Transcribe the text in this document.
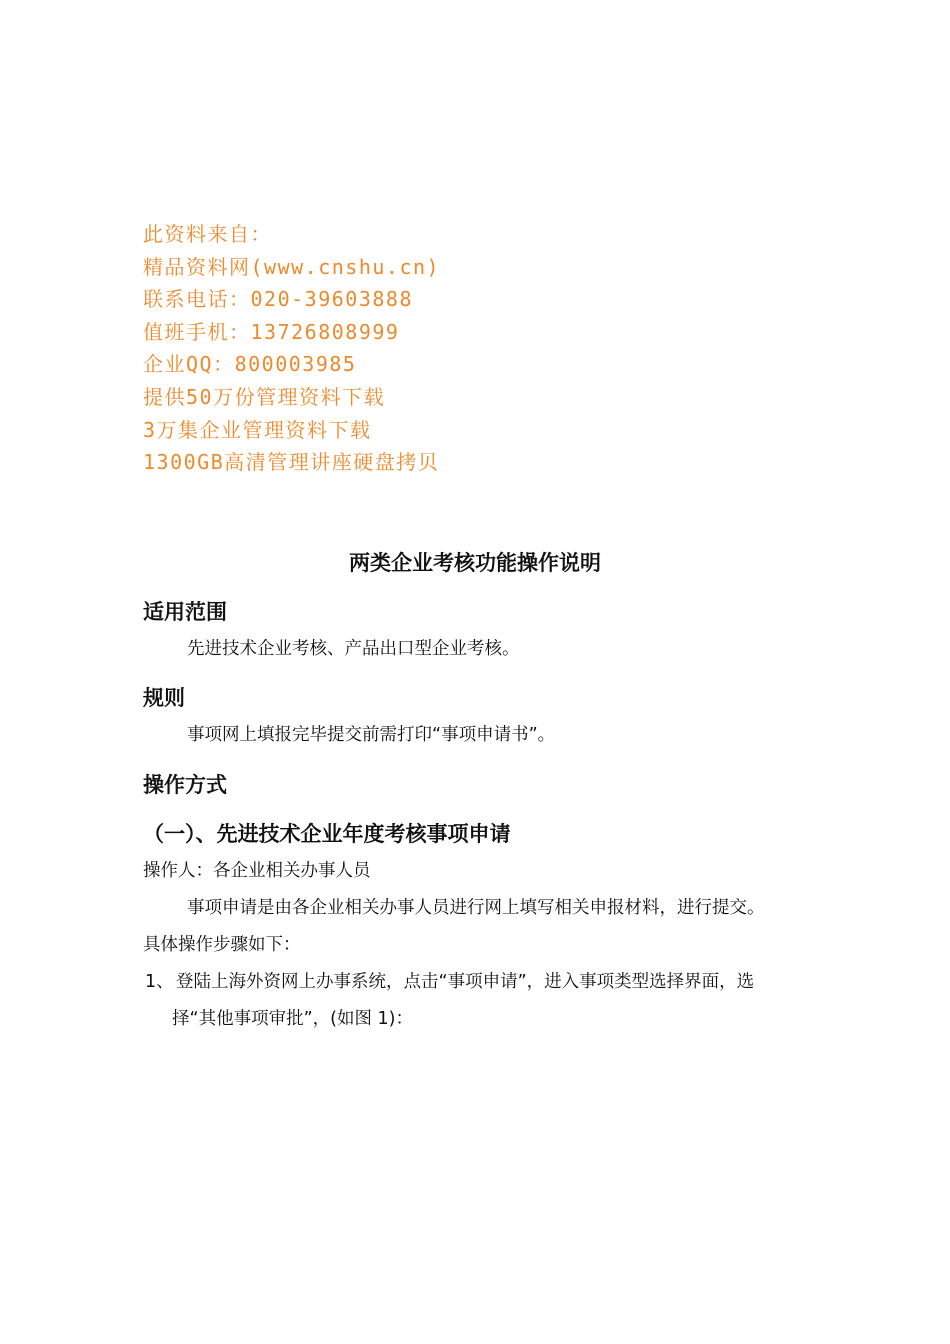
此资料来自：
精品资料网(www.cnshu.cn)
联系电话：020-39603888
值班手机：13726808999
企业QQ：800003985
提供50万份管理资料下载
3万集企业管理资料下载
1300GB高清管理讲座硬盘拷贝
两类企业考核功能操作说明
适用范围
先进技术企业考核、产品出口型企业考核。
规则
事项网上填报完毕提交前需打印“事项申请书”。
操作方式
（一）、先进技术企业年度考核事项申请
操作人：各企业相关办事人员
事项申请是由各企业相关办事人员进行网上填写相关申报材料，进行提交。
具体操作步骤如下：
1、 登陆上海外资网上办事系统，点击“事项申请”，进入事项类型选择界面，选
择“其他事项审批”，(如图 1)：
